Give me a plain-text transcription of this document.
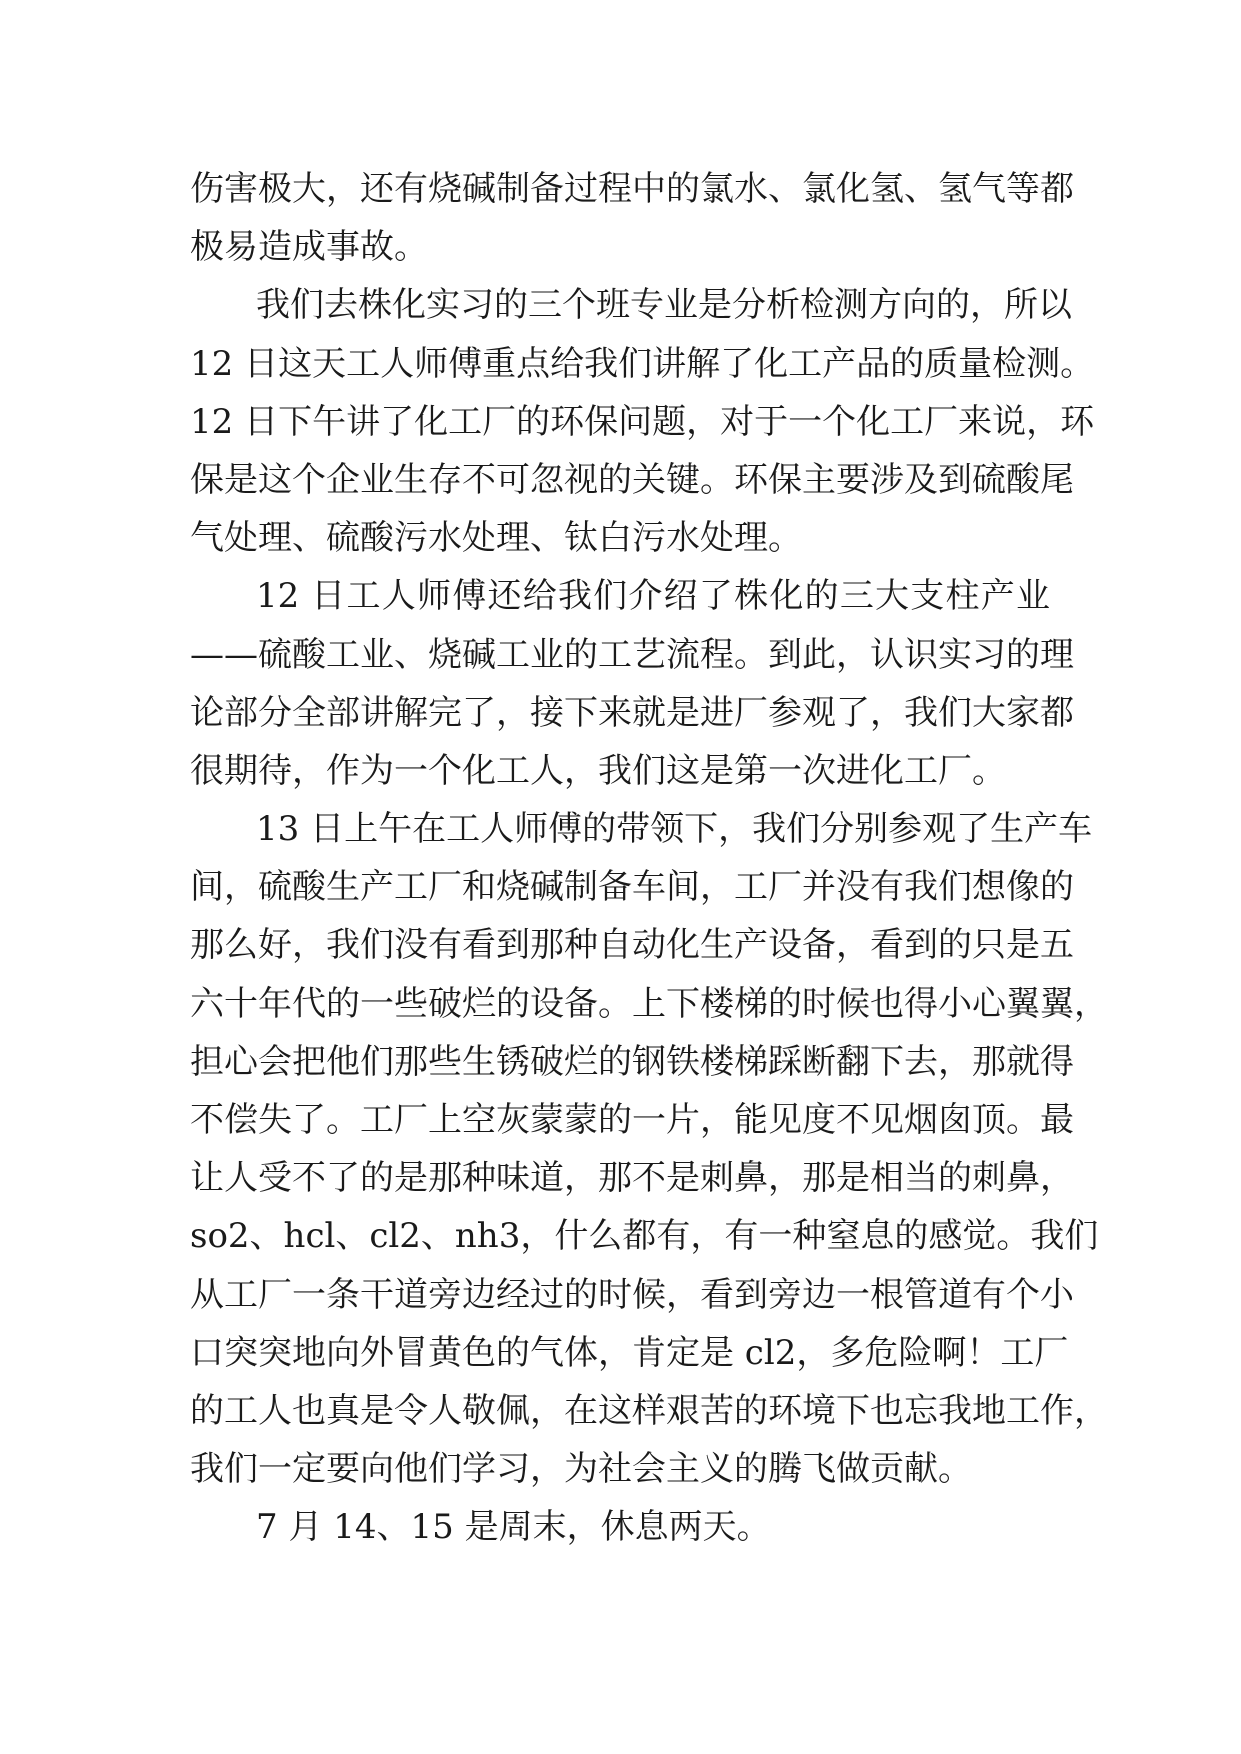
伤害极大，还有烧碱制备过程中的氯水、氯化氢、氢气等都
极易造成事故。
我们去株化实习的三个班专业是分析检测方向的，所以
12 日这天工人师傅重点给我们讲解了化工产品的质量检测。
12 日下午讲了化工厂的环保问题，对于一个化工厂来说，环
保是这个企业生存不可忽视的关键。环保主要涉及到硫酸尾
气处理、硫酸污水处理、钛白污水处理。
12 日工人师傅还给我们介绍了株化的三大支柱产业
——硫酸工业、烧碱工业的工艺流程。到此，认识实习的理
论部分全部讲解完了，接下来就是进厂参观了，我们大家都
很期待，作为一个化工人，我们这是第一次进化工厂。
13 日上午在工人师傅的带领下，我们分别参观了生产车
间，硫酸生产工厂和烧碱制备车间，工厂并没有我们想像的
那么好，我们没有看到那种自动化生产设备，看到的只是五
六十年代的一些破烂的设备。上下楼梯的时候也得小心翼翼，
担心会把他们那些生锈破烂的钢铁楼梯踩断翻下去，那就得
不偿失了。工厂上空灰蒙蒙的一片，能见度不见烟囱顶。最
让人受不了的是那种味道，那不是刺鼻，那是相当的刺鼻，
so2、hcl、cl2、nh3，什么都有，有一种窒息的感觉。我们
从工厂一条干道旁边经过的时候，看到旁边一根管道有个小
口突突地向外冒黄色的气体，肯定是 cl2，多危险啊！工厂
的工人也真是令人敬佩，在这样艰苦的环境下也忘我地工作，
我们一定要向他们学习，为社会主义的腾飞做贡献。
7 月 14、15 是周末，休息两天。
